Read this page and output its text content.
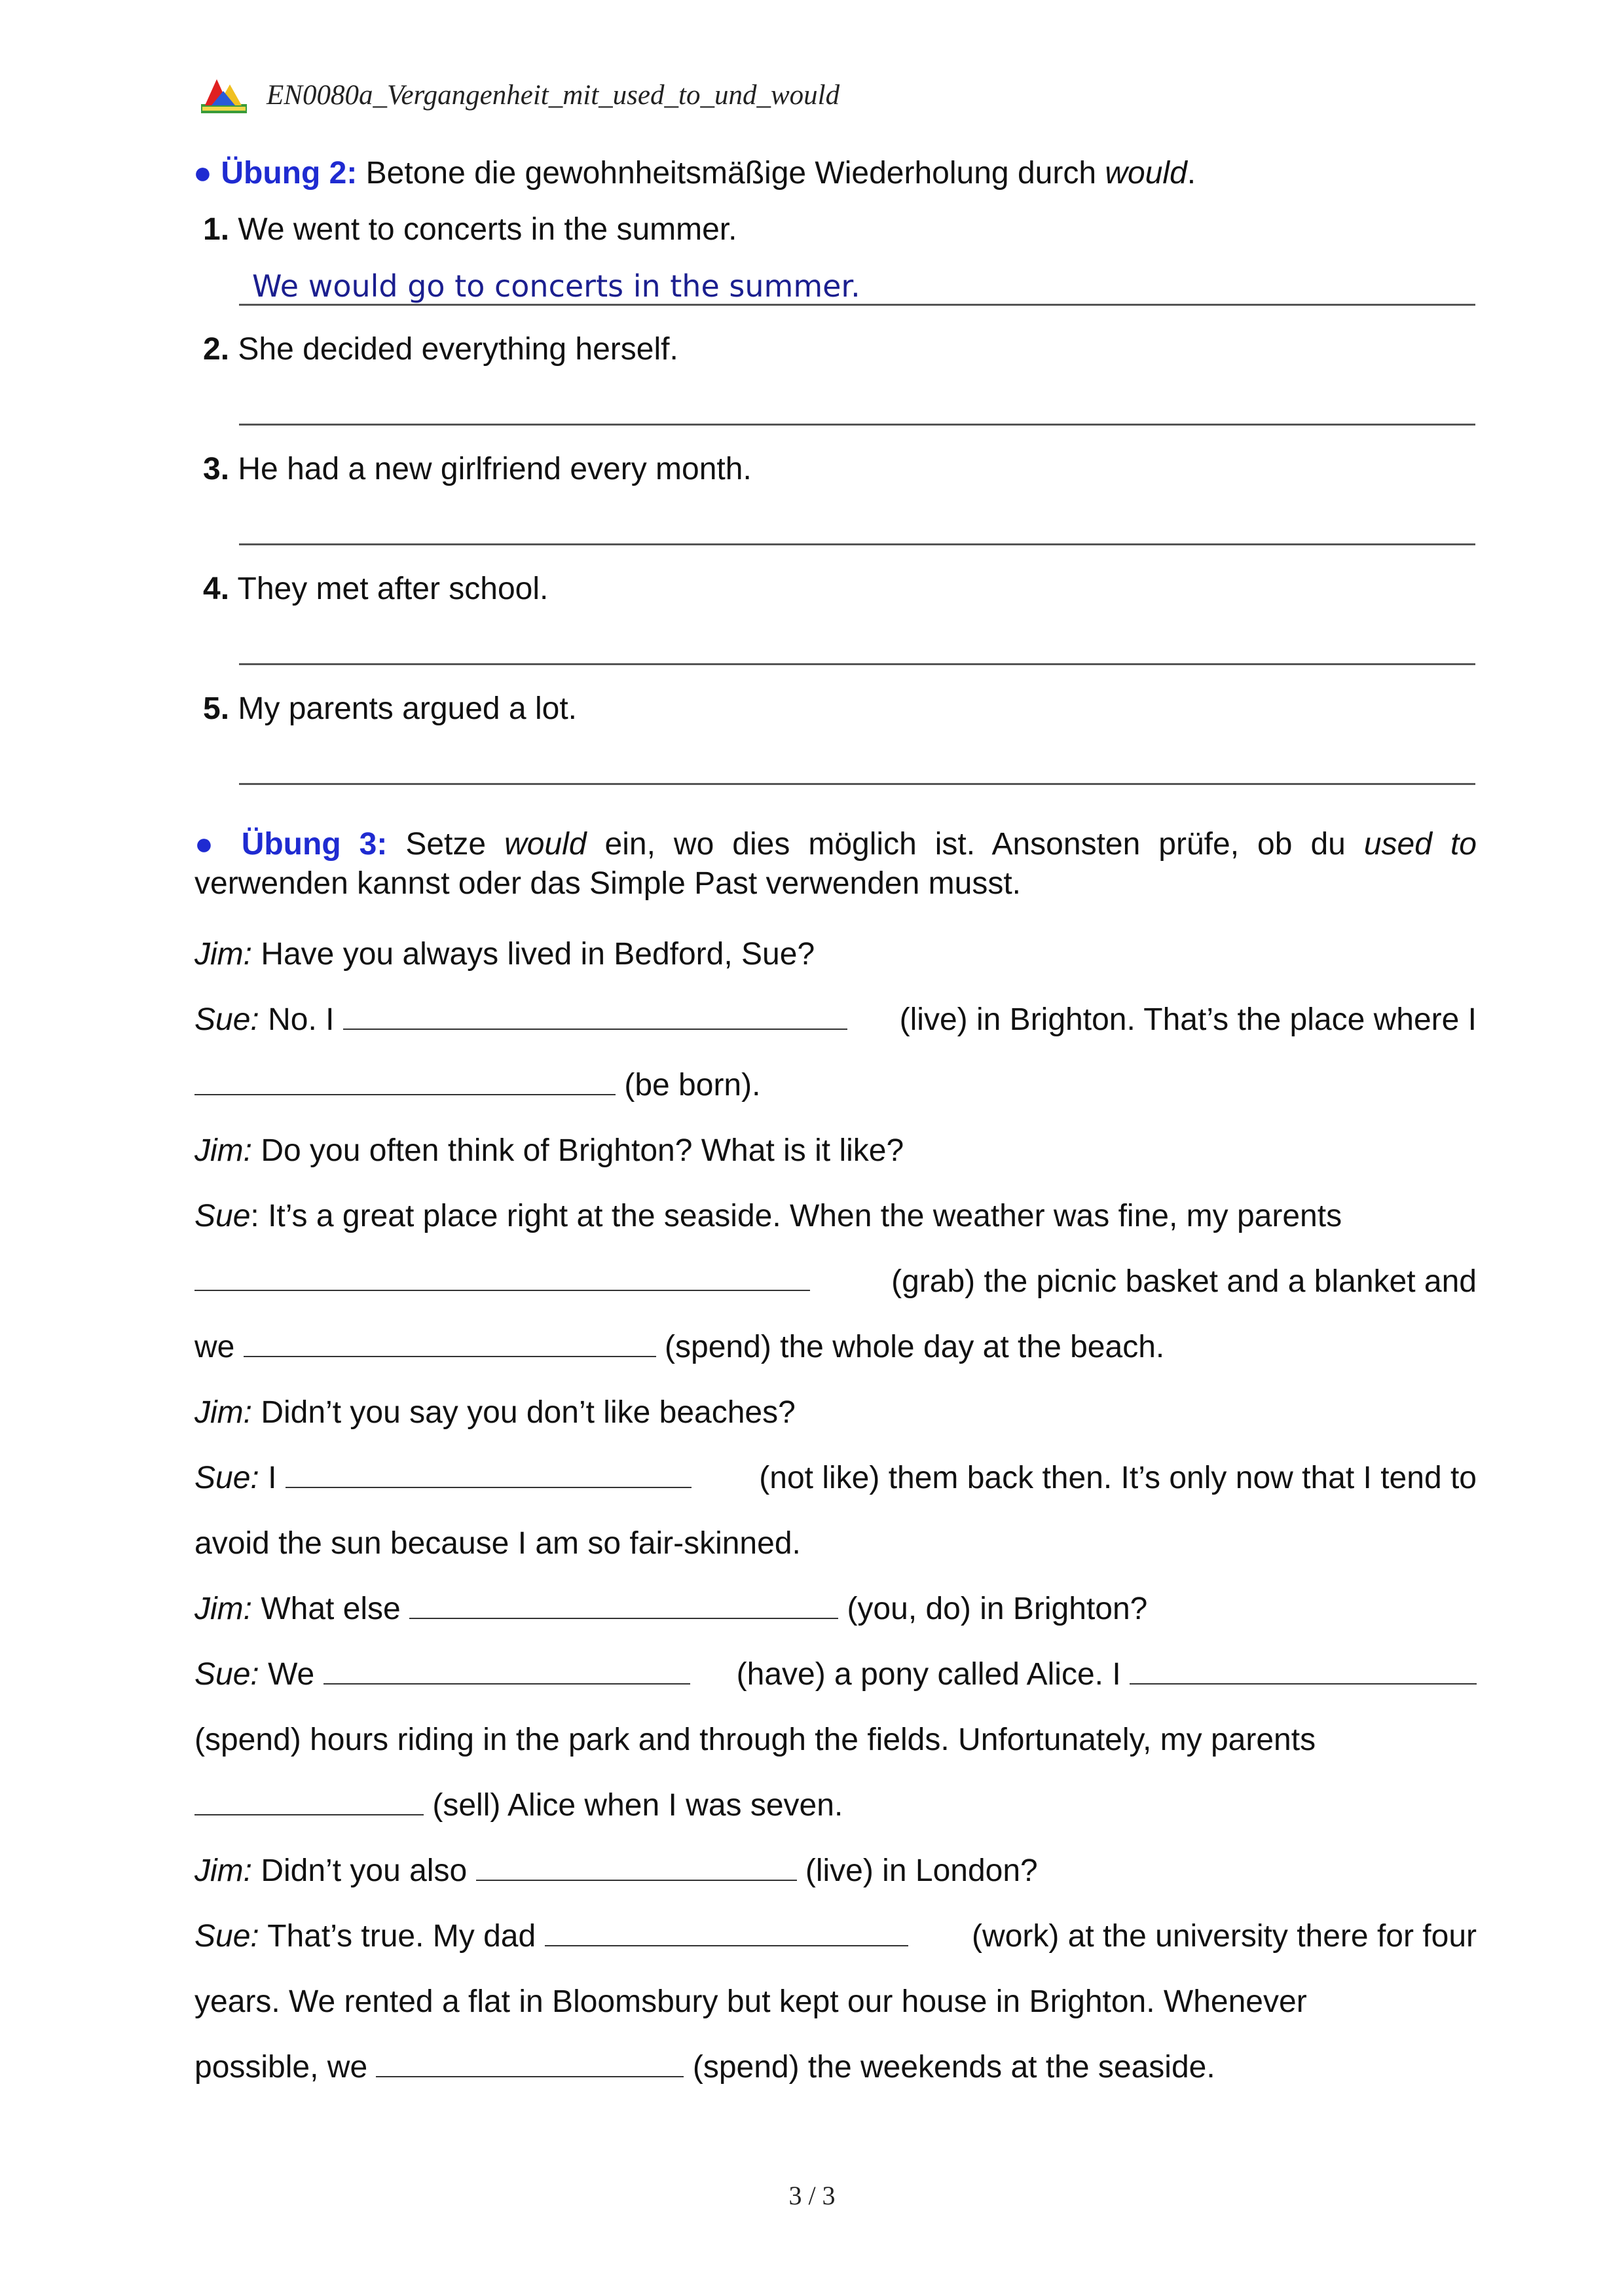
EN0080a_Vergangenheit_mit_used_to_und_would
● Übung 2: Betone die gewohnheitsmäßige Wiederholung durch would.
1. We went to concerts in the summer.
We would go to concerts in the summer.
2. She decided everything herself.
3. He had a new girlfriend every month.
4. They met after school.
5. My parents argued a lot.
● Übung 3: Setze would ein, wo dies möglich ist. Ansonsten prüfe, ob du used to verwenden kannst oder das Simple Past verwenden musst.
Jim: Have you always lived in Bedford, Sue?
Sue: No. I	(live) in Brighton. That’s the place where I
(be born).
Jim: Do you often think of Brighton? What is it like?
Sue: It’s a great place right at the seaside. When the weather was fine, my parents
(grab) the picnic basket and a blanket and
we	(spend) the whole day at the beach.
Jim: Didn’t you say you don’t like beaches?
Sue: I	(not like) them back then. It’s only now that I tend to
avoid the sun because I am so fair-skinned.
Jim: What else	(you, do) in Brighton?
Sue: We	(have) a pony called Alice. I
(spend) hours riding in the park and through the fields. Unfortunately, my parents
(sell) Alice when I was seven.
Jim: Didn’t you also	(live) in London?
Sue: That’s true. My dad	(work) at the university there for four
years. We rented a flat in Bloomsbury but kept our house in Brighton. Whenever
possible, we	(spend) the weekends at the seaside.
3 / 3
